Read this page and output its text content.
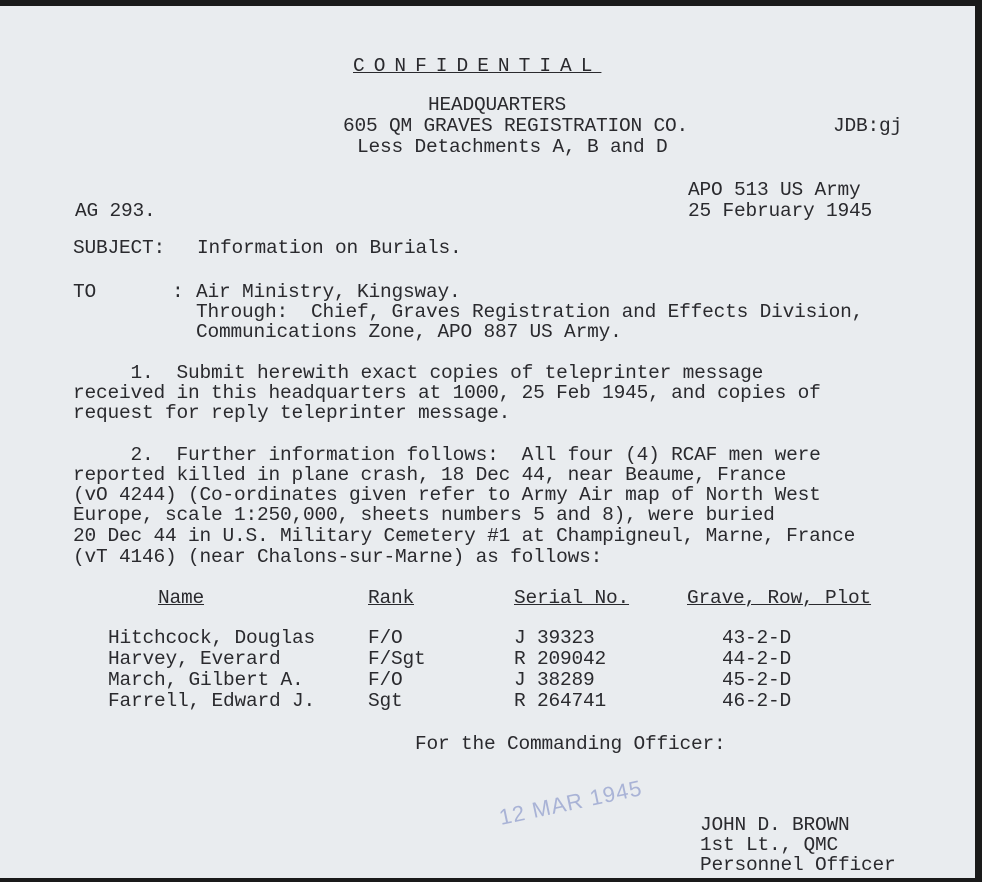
CONFIDENTIAL
HEADQUARTERS
605 QM GRAVES REGISTRATION CO.
Less Detachments A, B and D
JDB:gj
APO 513 US Army
25 February 1945
AG 293.
SUBJECT: Information on Burials.
TO	: Air Ministry, Kingsway.
Through:  Chief, Graves Registration and Effects Division,
Communications Zone, APO 887 US Army.
1.  Submit herewith exact copies of teleprinter message
received in this headquarters at 1000, 25 Feb 1945, and copies of
request for reply teleprinter message.
2.  Further information follows:  All four (4) RCAF men were
reported killed in plane crash, 18 Dec 44, near Beaume, France
(vO 4244) (Co-ordinates given refer to Army Air map of North West
Europe, scale 1:250,000, sheets numbers 5 and 8), were buried
20 Dec 44 in U.S. Military Cemetery #1 at Champigneul, Marne, France
(vT 4146) (near Chalons-sur-Marne) as follows:
Name	Rank	Serial No.	Grave, Row, Plot
Hitchcock, Douglas	F/O	J 39323	43-2-D
Harvey, Everard	F/Sgt	R 209042	44-2-D
March, Gilbert A.	F/O	J 38289	45-2-D
Farrell, Edward J.	Sgt	R 264741	46-2-D
For the Commanding Officer:
12 MAR 1945	JOHN D. BROWN
1st Lt., QMC
Personnel Officer
